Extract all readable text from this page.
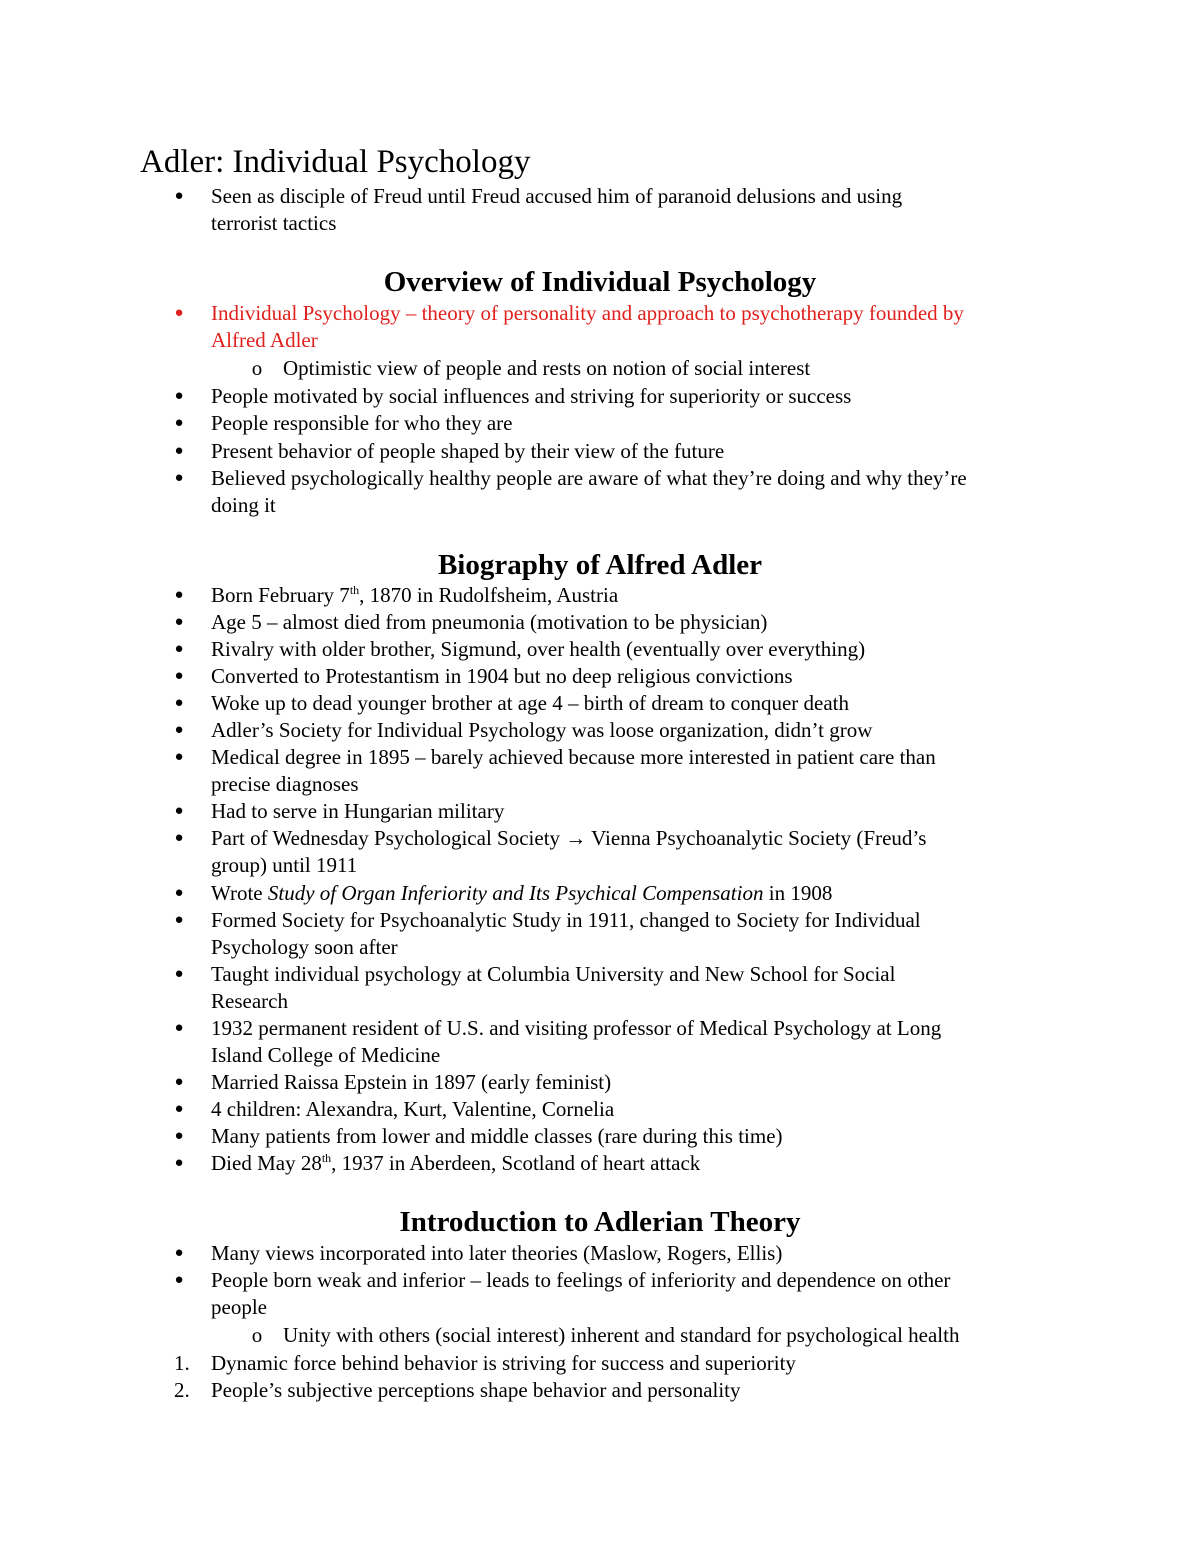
Adler: Individual Psychology
● Seen as disciple of Freud until Freud accused him of paranoid delusions and using
terrorist tactics
Overview of Individual Psychology
● Individual Psychology – theory of personality and approach to psychotherapy founded by
Alfred Adler
o Optimistic view of people and rests on notion of social interest
● People motivated by social influences and striving for superiority or success
● People responsible for who they are
● Present behavior of people shaped by their view of the future
● Believed psychologically healthy people are aware of what they’re doing and why they’re
doing it
Biography of Alfred Adler
● Born February 7th, 1870 in Rudolfsheim, Austria
● Age 5 – almost died from pneumonia (motivation to be physician)
● Rivalry with older brother, Sigmund, over health (eventually over everything)
● Converted to Protestantism in 1904 but no deep religious convictions
● Woke up to dead younger brother at age 4 – birth of dream to conquer death
● Adler’s Society for Individual Psychology was loose organization, didn’t grow
● Medical degree in 1895 – barely achieved because more interested in patient care than
precise diagnoses
● Had to serve in Hungarian military
● Part of Wednesday Psychological Society → Vienna Psychoanalytic Society (Freud’s
group) until 1911
● Wrote Study of Organ Inferiority and Its Psychical Compensation in 1908
● Formed Society for Psychoanalytic Study in 1911, changed to Society for Individual
Psychology soon after
● Taught individual psychology at Columbia University and New School for Social
Research
● 1932 permanent resident of U.S. and visiting professor of Medical Psychology at Long
Island College of Medicine
● Married Raissa Epstein in 1897 (early feminist)
● 4 children: Alexandra, Kurt, Valentine, Cornelia
● Many patients from lower and middle classes (rare during this time)
● Died May 28th, 1937 in Aberdeen, Scotland of heart attack
Introduction to Adlerian Theory
● Many views incorporated into later theories (Maslow, Rogers, Ellis)
● People born weak and inferior – leads to feelings of inferiority and dependence on other
people
o Unity with others (social interest) inherent and standard for psychological health
1. Dynamic force behind behavior is striving for success and superiority
2. People’s subjective perceptions shape behavior and personality
